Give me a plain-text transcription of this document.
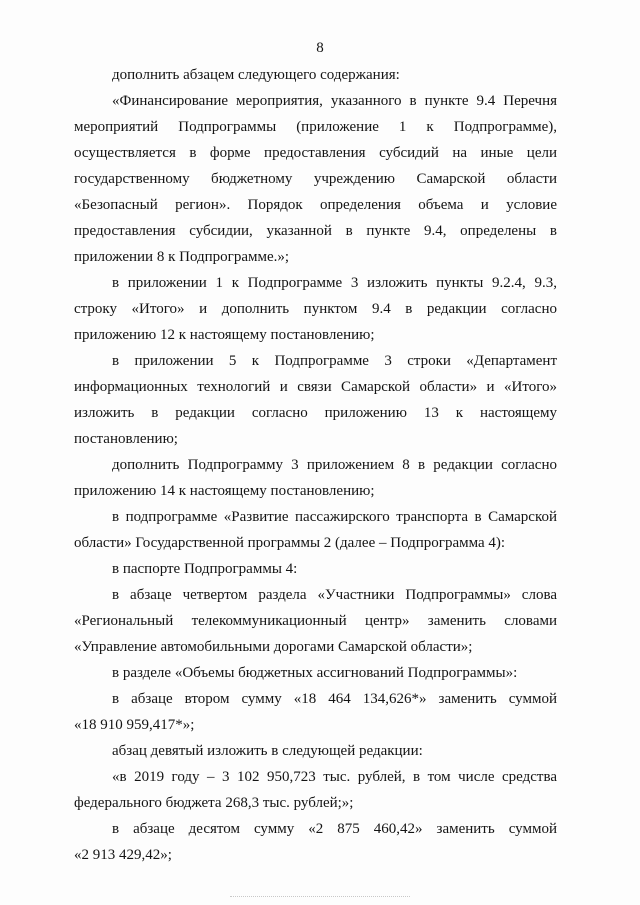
8
дополнить абзацем следующего содержания:
«Финансирование мероприятия, указанного в пункте 9.4 Перечня
мероприятий Подпрограммы (приложение 1 к Подпрограмме),
осуществляется в форме предоставления субсидий на иные цели
государственному бюджетному учреждению Самарской области
«Безопасный регион». Порядок определения объема и условие
предоставления субсидии, указанной в пункте 9.4, определены в
приложении 8 к Подпрограмме.»;
в приложении 1 к Подпрограмме 3 изложить пункты 9.2.4, 9.3,
строку «Итого» и дополнить пунктом 9.4 в редакции согласно
приложению 12 к настоящему постановлению;
в приложении 5 к Подпрограмме 3 строки «Департамент
информационных технологий и связи Самарской области» и «Итого»
изложить в редакции согласно приложению 13 к настоящему
постановлению;
дополнить Подпрограмму 3 приложением 8 в редакции согласно
приложению 14 к настоящему постановлению;
в подпрограмме «Развитие пассажирского транспорта в Самарской
области» Государственной программы 2 (далее – Подпрограмма 4):
в паспорте Подпрограммы 4:
в абзаце четвертом раздела «Участники Подпрограммы» слова
«Региональный телекоммуникационный центр» заменить словами
«Управление автомобильными дорогами Самарской области»;
в разделе «Объемы бюджетных ассигнований Подпрограммы»:
в абзаце втором сумму «18 464 134,626*» заменить суммой
«18 910 959,417*»;
абзац девятый изложить в следующей редакции:
«в 2019 году – 3 102 950,723 тыс. рублей, в том числе средства
федерального бюджета 268,3 тыс. рублей;»;
в абзаце десятом сумму «2 875 460,42» заменить суммой
«2 913 429,42»;
